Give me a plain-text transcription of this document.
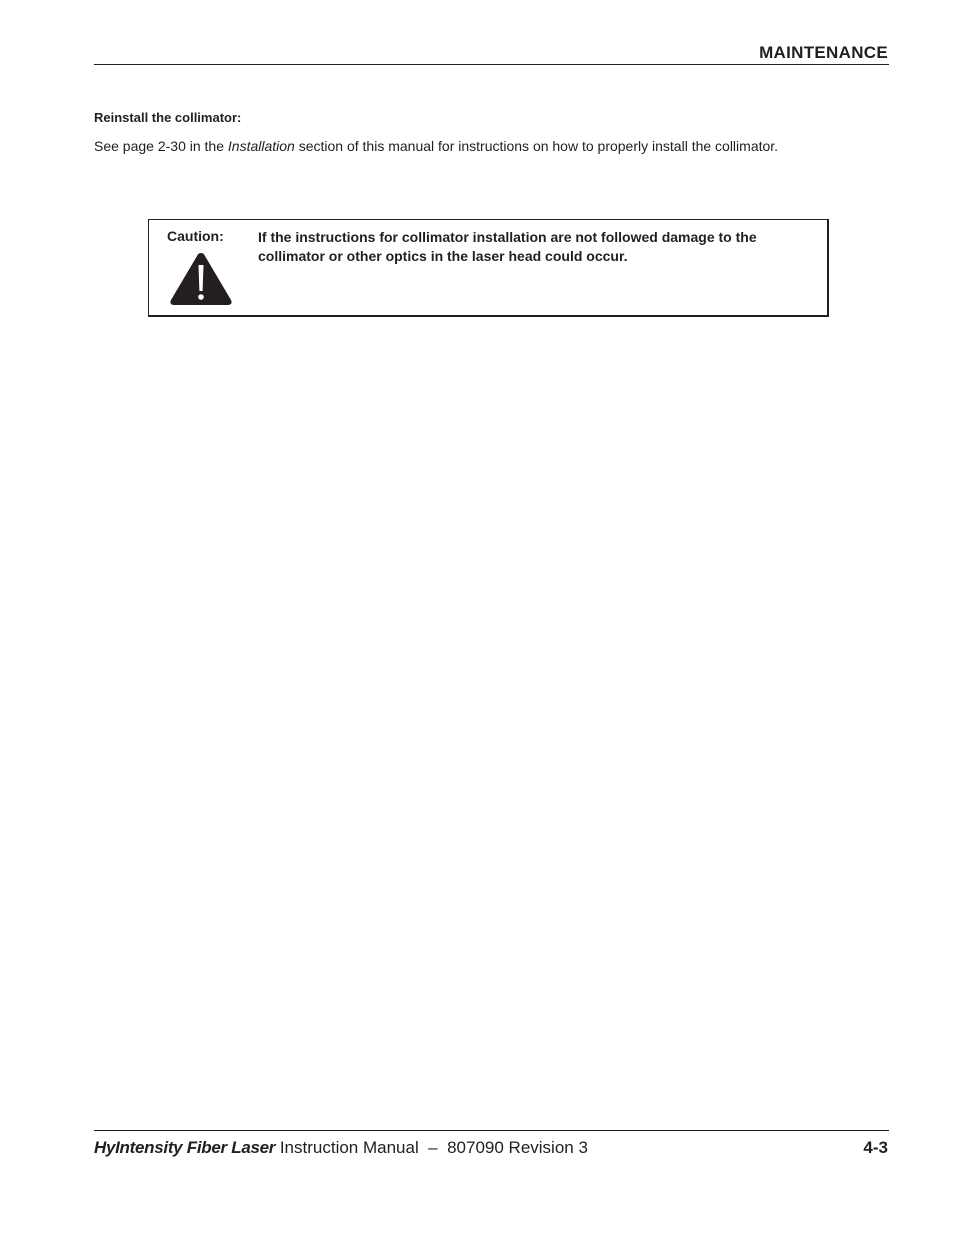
MAINTENANCE
Reinstall the collimator:
See page 2-30 in the Installation section of this manual for instructions on how to properly install the collimator.
Caution: If the instructions for collimator installation are not followed damage to the collimator or other optics in the laser head could occur.
HyIntensity Fiber Laser Instruction Manual  –  807090 Revision 3	4-3
